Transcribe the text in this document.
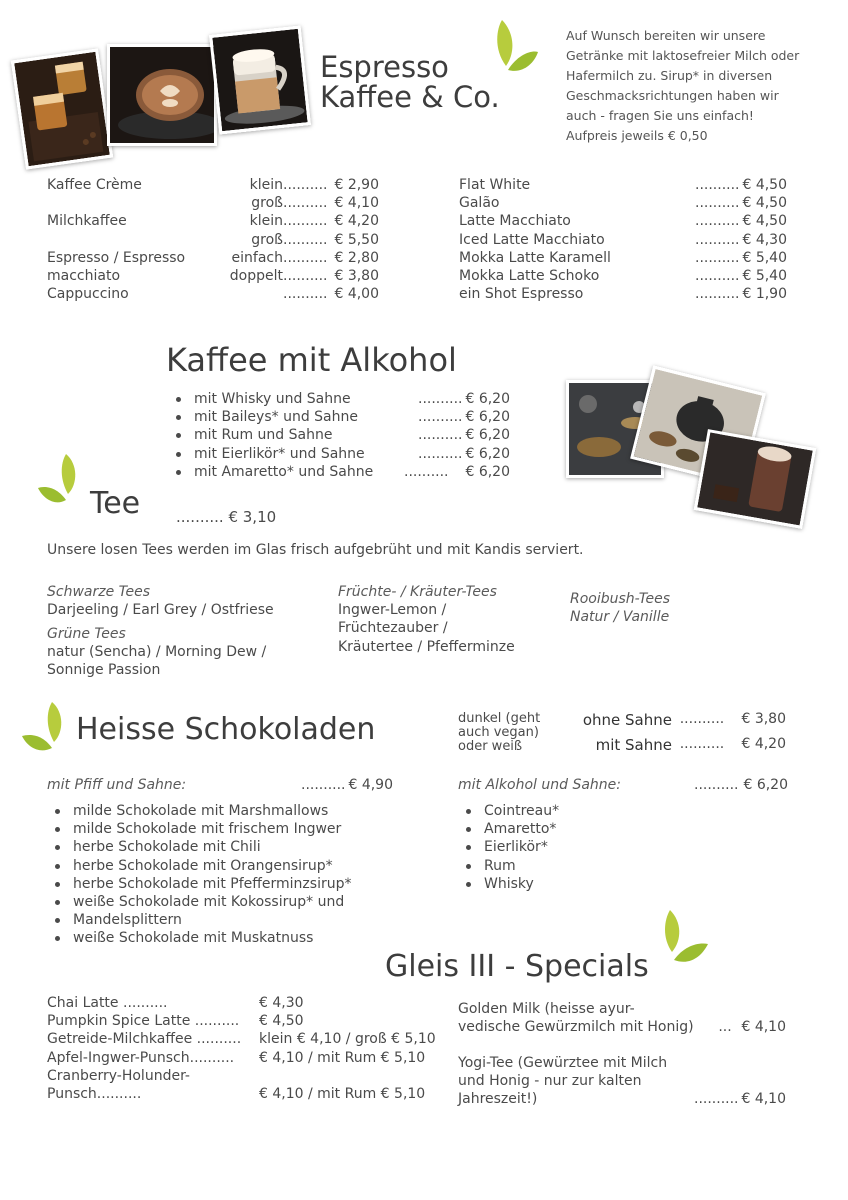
Espresso
Kaffee & Co.
Auf Wunsch bereiten wir unsere
Getränke mit laktosefreier Milch oder
Hafermilch zu. Sirup* in diversen
Geschmacksrichtungen haben wir
auch - fragen Sie uns einfach!
Aufpreis jeweils € 0,50
Kaffee Crème	klein .......... € 2,90
groß .......... € 4,10
Milchkaffee	klein .......... € 4,20
groß .......... € 5,50
Espresso / Espresso	einfach .......... € 2,80
macchiato	doppelt .......... € 3,80
Cappuccino	.......... € 4,00
Flat White	.......... € 4,50
Galão	.......... € 4,50
Latte Macchiato	.......... € 4,50
Iced Latte Macchiato	.......... € 4,30
Mokka Latte Karamell	.......... € 5,40
Mokka Latte Schoko	.......... € 5,40
ein Shot Espresso	.......... € 1,90
Kaffee mit Alkohol
mit Whisky und Sahne	.......... € 6,20
mit Baileys* und Sahne	.......... € 6,20
mit Rum und Sahne	.......... € 6,20
mit Eierlikör* und Sahne	.......... € 6,20
mit Amaretto* und Sahne	..........	€ 6,20
Tee .......... € 3,10
Unsere losen Tees werden im Glas frisch aufgebrüht und mit Kandis serviert.
Schwarze Tees
Darjeeling / Earl Grey / Ostfriese
Grüne Tees
natur (Sencha) / Morning Dew /
Sonnige Passion
Früchte- / Kräuter-Tees
Ingwer-Lemon /
Früchtezauber /
Kräutertee / Pfefferminze
Rooibush-Tees
Natur / Vanille
Heisse Schokoladen	dunkel (geht
auch vegan)
oder weiß
ohne Sahne ..........	€ 3,80
mit Sahne ..........	€ 4,20
mit Pfiff und Sahne:	.......... € 4,90
milde Schokolade mit Marshmallows
milde Schokolade mit frischem Ingwer
herbe Schokolade mit Chili
herbe Schokolade mit Orangensirup*
herbe Schokolade mit Pfefferminzsirup*
weiße Schokolade mit Kokossirup* und
Mandelsplittern
weiße Schokolade mit Muskatnuss
mit Alkohol und Sahne:	.......... € 6,20
Cointreau*
Amaretto*
Eierlikör*
Rum
Whisky
Gleis III - Specials
Chai Latte ..........	€ 4,30
Pumpkin Spice Latte ..........	€ 4,50
Getreide-Milchkaffee ..........	klein € 4,10 / groß € 5,10
Apfel-Ingwer-Punsch..........	€ 4,10 / mit Rum € 5,10
Cranberry-Holunder-
Punsch..........	€ 4,10 / mit Rum € 5,10
Golden Milk (heisse ayur-
vedische Gewürzmilch mit Honig)	... € 4,10
Yogi-Tee (Gewürztee mit Milch
und Honig - nur zur kalten
Jahreszeit!)	.......... € 4,10
